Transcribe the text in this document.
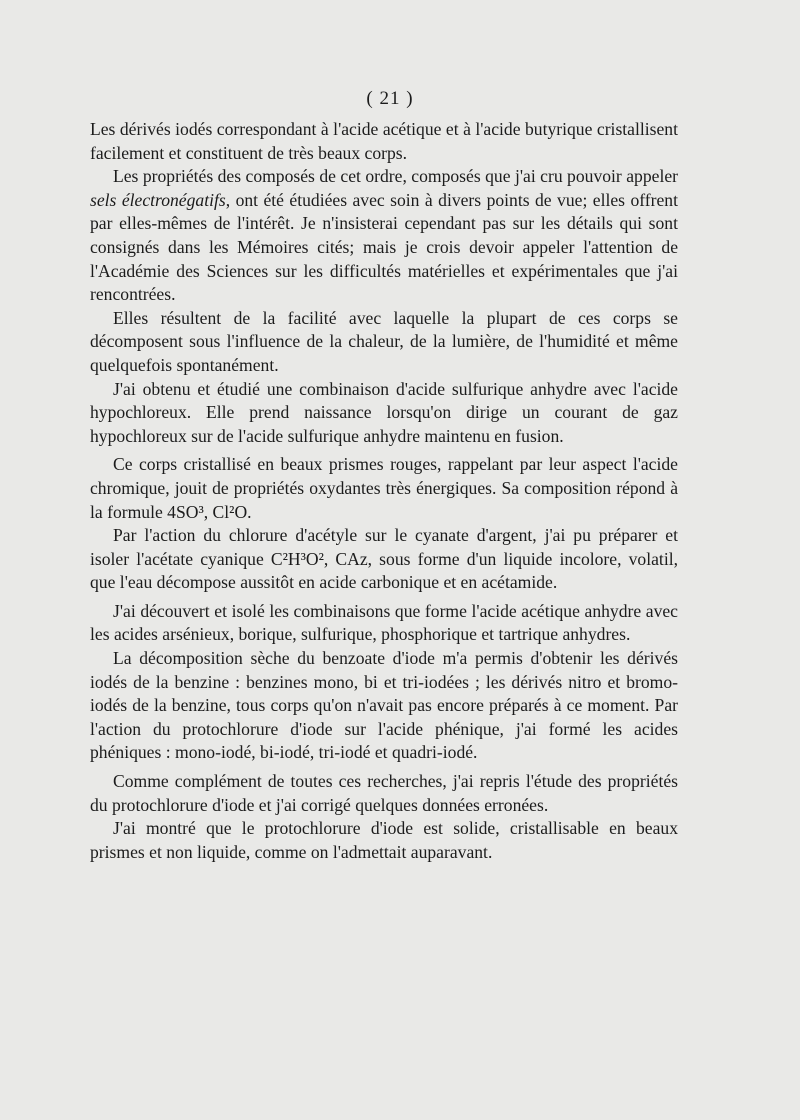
( 21 )

Les dérivés iodés correspondant à l'acide acétique et à l'acide butyrique cristallisent facilement et constituent de très beaux corps.

Les propriétés des composés de cet ordre, composés que j'ai cru pouvoir appeler sels électronégatifs, ont été étudiées avec soin à divers points de vue; elles offrent par elles-mêmes de l'intérêt. Je n'insisterai cependant pas sur les détails qui sont consignés dans les Mémoires cités; mais je crois devoir appeler l'attention de l'Académie des Sciences sur les difficultés matérielles et expérimentales que j'ai rencontrées.

Elles résultent de la facilité avec laquelle la plupart de ces corps se décomposent sous l'influence de la chaleur, de la lumière, de l'humidité et même quelquefois spontanément.

J'ai obtenu et étudié une combinaison d'acide sulfurique anhydre avec l'acide hypochloreux. Elle prend naissance lorsqu'on dirige un courant de gaz hypochloreux sur de l'acide sulfurique anhydre maintenu en fusion.

Ce corps cristallisé en beaux prismes rouges, rappelant par leur aspect l'acide chromique, jouit de propriétés oxydantes très énergiques. Sa composition répond à la formule 4SO³, Cl²O.

Par l'action du chlorure d'acétyle sur le cyanate d'argent, j'ai pu préparer et isoler l'acétate cyanique C²H³O², CAz, sous forme d'un liquide incolore, volatil, que l'eau décompose aussitôt en acide carbonique et en acétamide.

J'ai découvert et isolé les combinaisons que forme l'acide acétique anhydre avec les acides arsénieux, borique, sulfurique, phosphorique et tartrique anhydres.

La décomposition sèche du benzoate d'iode m'a permis d'obtenir les dérivés iodés de la benzine : benzines mono, bi et tri-iodées ; les dérivés nitro et bromo-iodés de la benzine, tous corps qu'on n'avait pas encore préparés à ce moment. Par l'action du protochlorure d'iode sur l'acide phénique, j'ai formé les acides phéniques : mono-iodé, bi-iodé, tri-iodé et quadri-iodé.

Comme complément de toutes ces recherches, j'ai repris l'étude des propriétés du protochlorure d'iode et j'ai corrigé quelques données erronées.

J'ai montré que le protochlorure d'iode est solide, cristallisable en beaux prismes et non liquide, comme on l'admettait auparavant.
